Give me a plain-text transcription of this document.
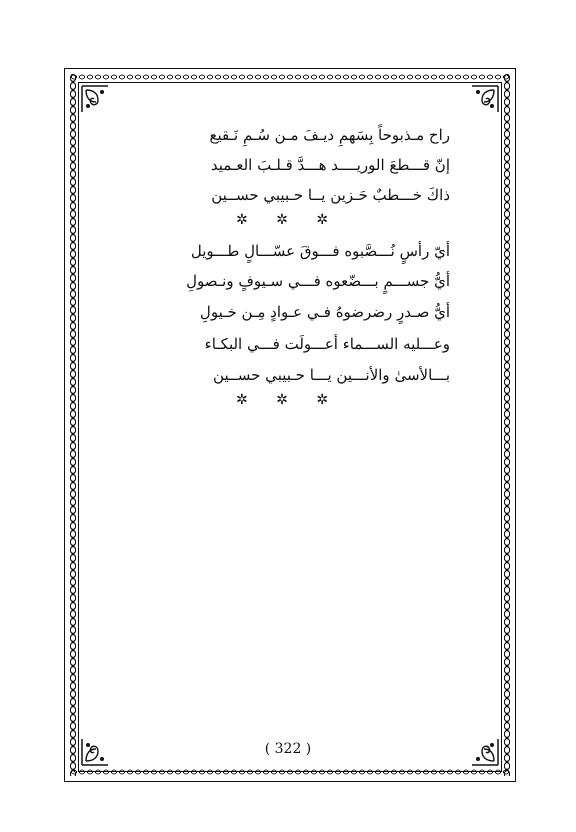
راح مـذبوحاً بِسَهمِ ديـفَ مـن سُـمِ نَـقيع
إنّ قـــطعَ الوريــــد هـــدَّ قـلـبَ العـميد
ذاكَ خـــطبٌ حَـزين يــا حـبيبي حســين
✲ ✲ ✲
أيّ رأسٍ نُـــصَّبوه فـــوقَ عسّـــالٍ طـــويل
أيُّ جســـمٍ بـــضّعوه فـــي سـيوفٍ ونـصولِ
أيُّ صـدرٍ رضرضوهُ فـي عـوادٍ مِـن خـيولِ
وعـــليه الســـماء أعـــولَت فـــي البكـاء
بـــالأسىٰ والأنـــين يـــا حـبيبي حســين
✲ ✲ ✲
( 322 )
